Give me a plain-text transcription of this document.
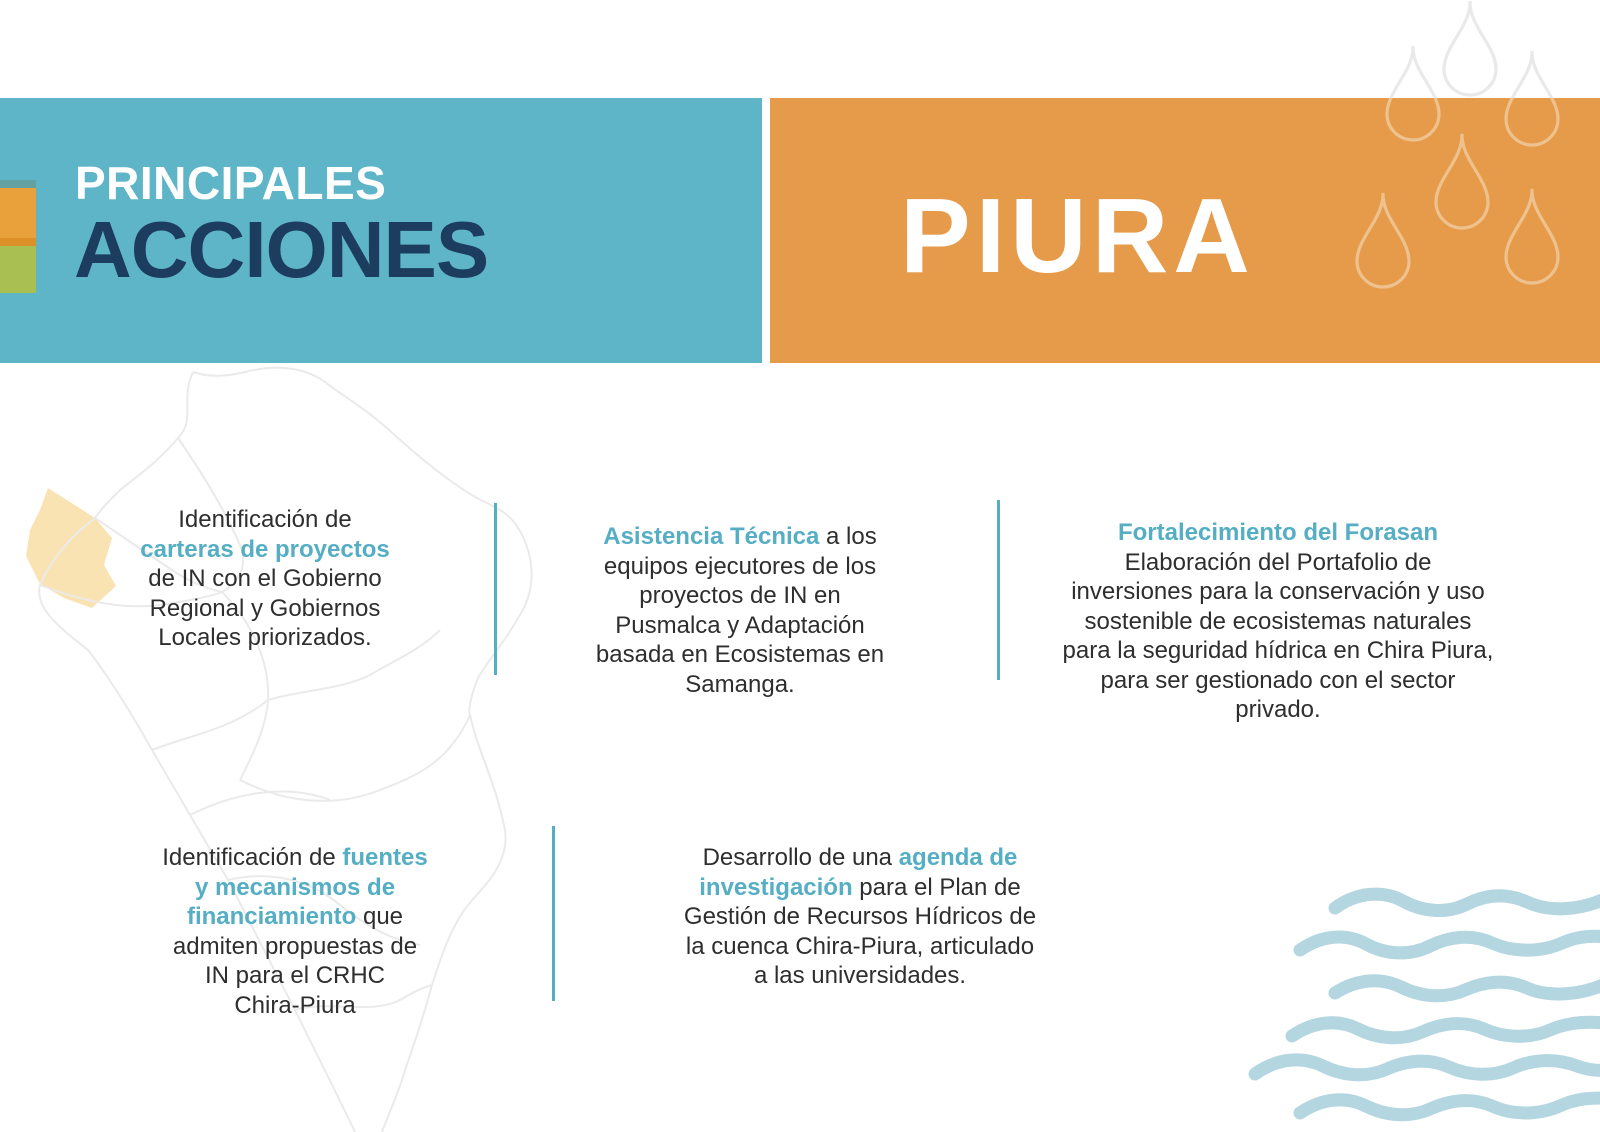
PRINCIPALES
ACCIONES	PIURA
Identificación de
carteras de proyectos
de IN con el Gobierno
Regional y Gobiernos
Locales priorizados.
Asistencia Técnica a los
equipos ejecutores de los
proyectos de IN en
Pusmalca y Adaptación
basada en Ecosistemas en
Samanga.
Fortalecimiento del Forasan
Elaboración del Portafolio de
inversiones para la conservación y uso
sostenible de ecosistemas naturales
para la seguridad hídrica en Chira Piura,
para ser gestionado con el sector
privado.
Identificación de fuentes
y mecanismos de
financiamiento que
admiten propuestas de
IN para el CRHC
Chira-Piura
Desarrollo de una agenda de
investigación para el Plan de
Gestión de Recursos Hídricos de
la cuenca Chira-Piura, articulado
a las universidades.
